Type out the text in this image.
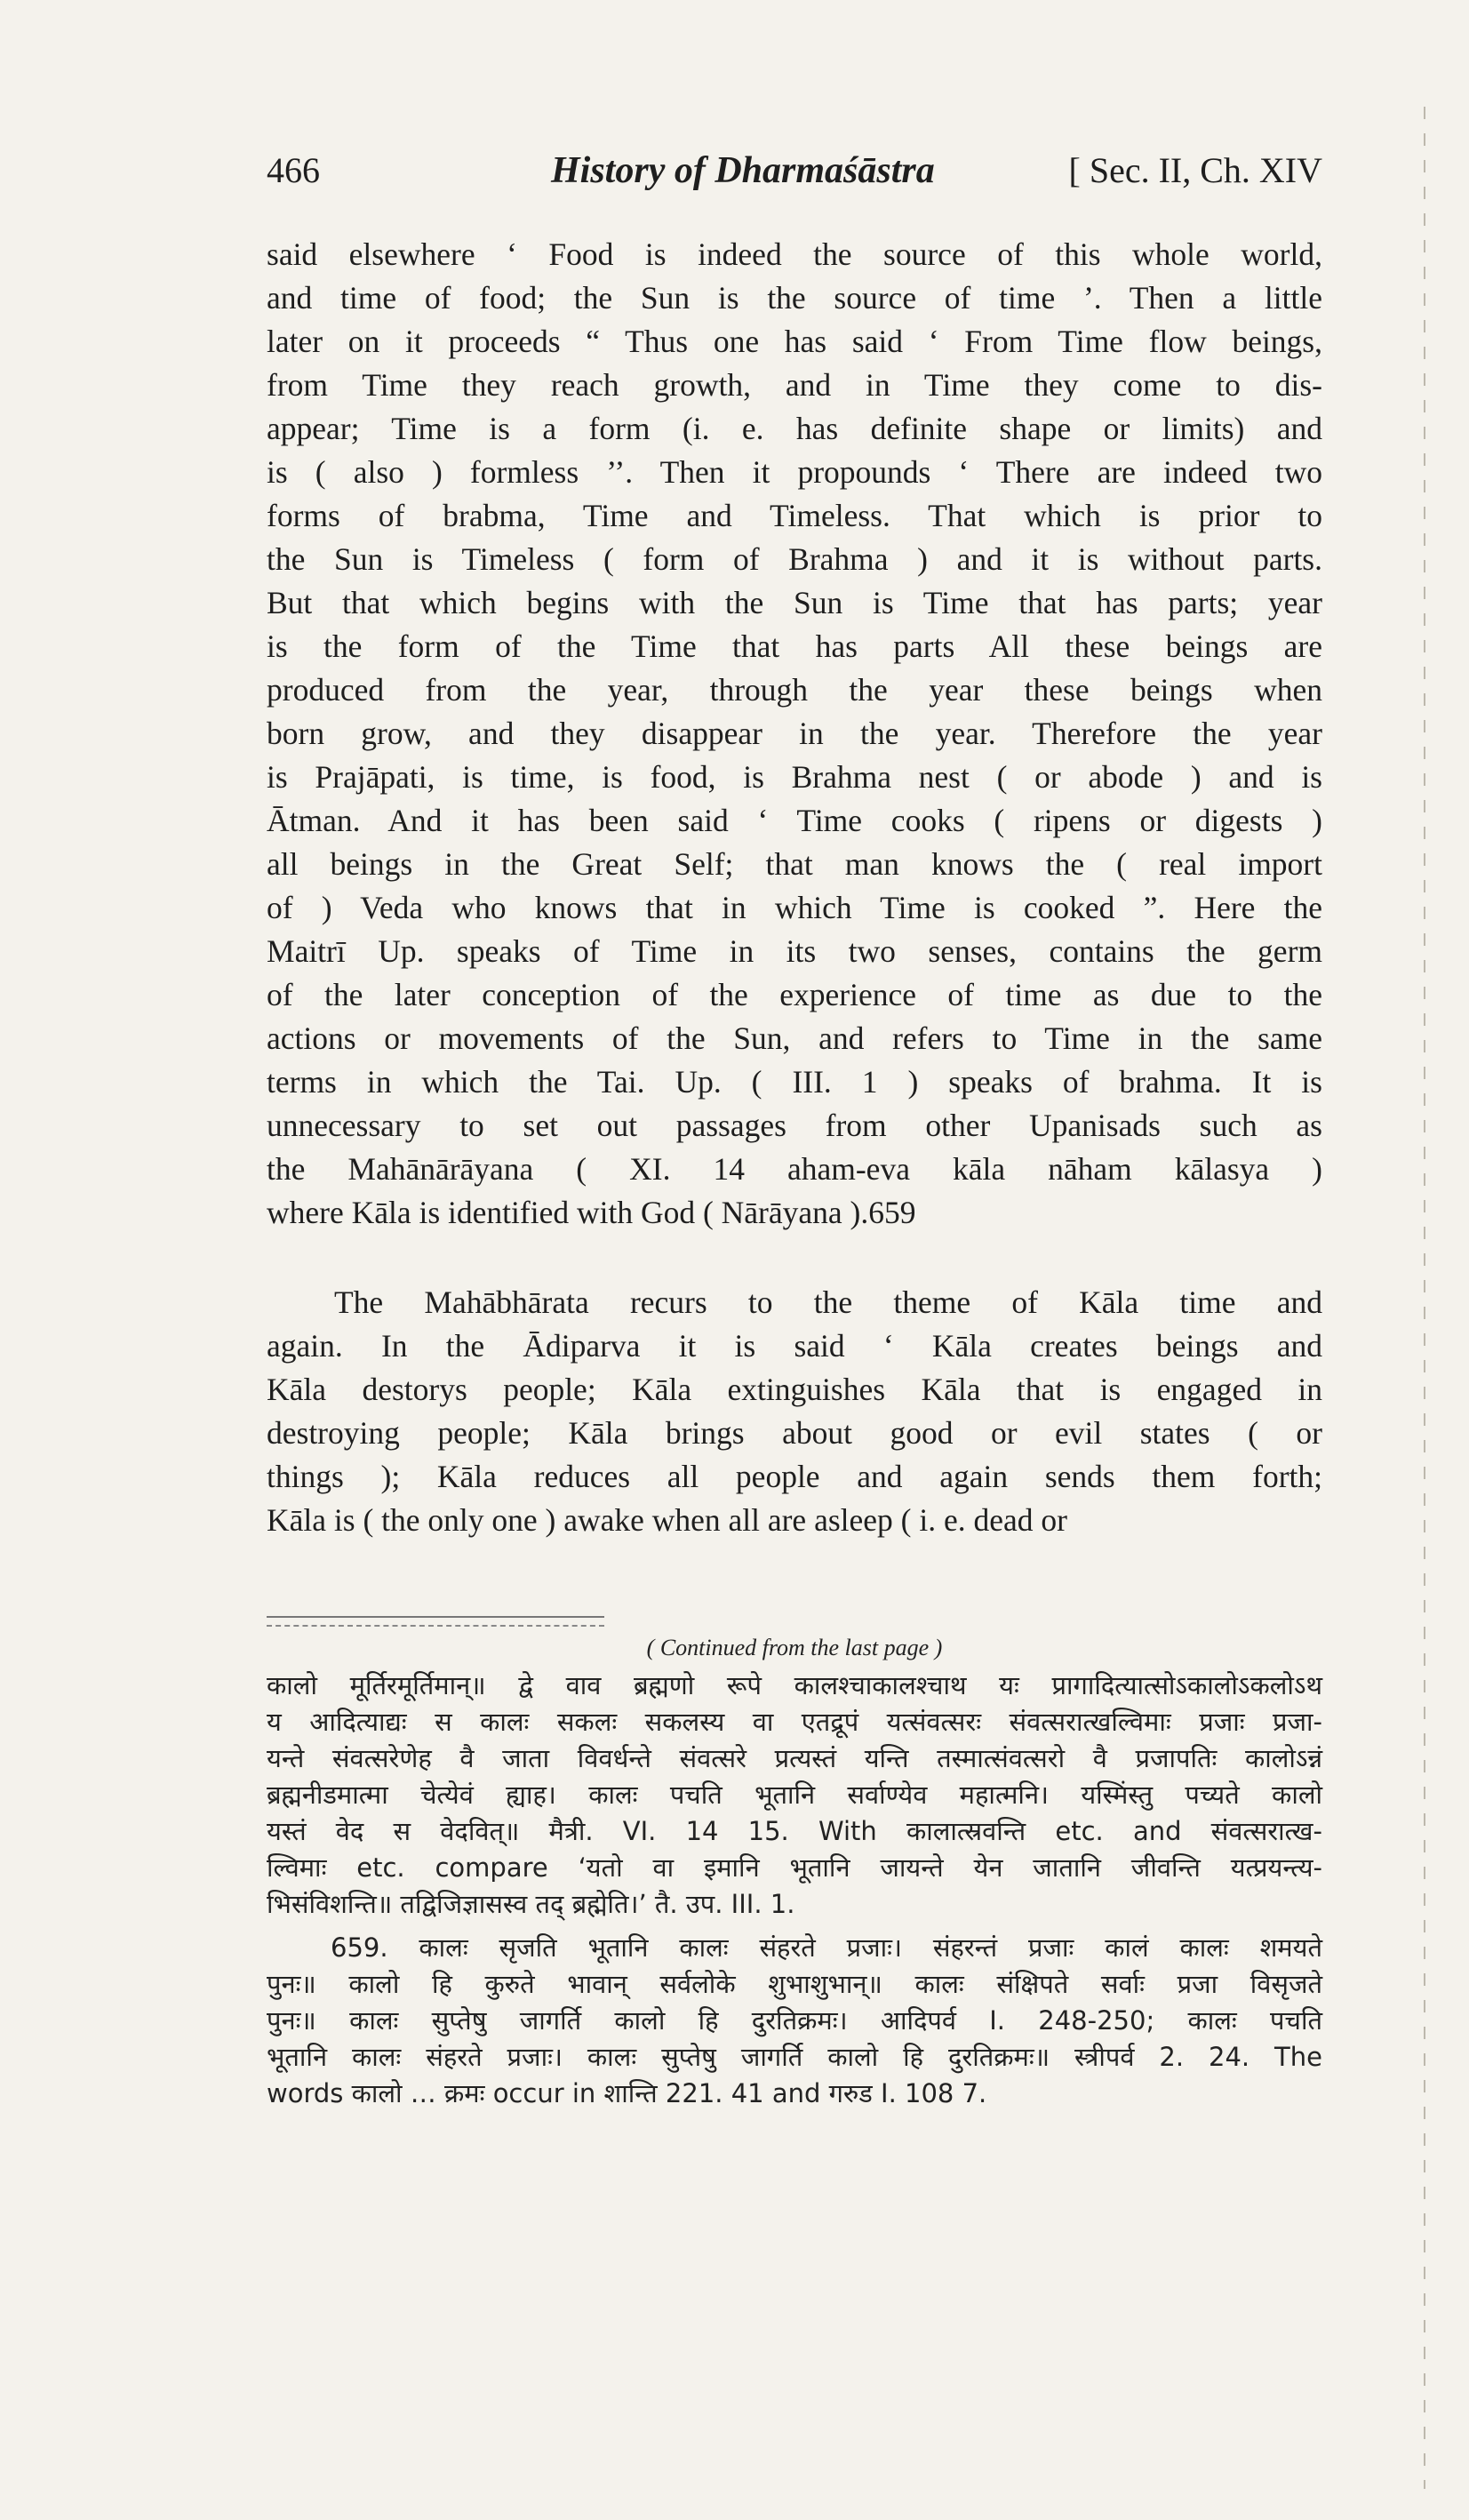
466	History of Dharmaśāstra	[ Sec. II, Ch. XIV
said elsewhere ‘ Food is indeed the source of this whole world,
and time of food; the Sun is the source of time ’. Then a little
later on it proceeds “ Thus one has said ‘ From Time flow beings,
from Time they reach growth, and in Time they come to dis-
appear; Time is a form (i. e. has definite shape or limits) and
is ( also ) formless ’’. Then it propounds ‘ There are indeed two
forms of brabma, Time and Timeless. That which is prior to
the Sun is Timeless ( form of Brahma ) and it is without parts.
But that which begins with the Sun is Time that has parts; year
is the form of the Time that has parts All these beings are
produced from the year, through the year these beings when
born grow, and they disappear in the year. Therefore the year
is Prajāpati, is time, is food, is Brahma nest ( or abode ) and is
Ātman. And it has been said ‘ Time cooks ( ripens or digests )
all beings in the Great Self; that man knows the ( real import
of ) Veda who knows that in which Time is cooked ”. Here the
Maitrī Up. speaks of Time in its two senses, contains the germ
of the later conception of the experience of time as due to the
actions or movements of the Sun, and refers to Time in the same
terms in which the Tai. Up. ( III. 1 ) speaks of brahma. It is
unnecessary to set out passages from other Upanisads such as
the Mahānārāyana ( XI. 14 aham-eva kāla nāham kālasya )
where Kāla is identified with God ( Nārāyana ).659
The Mahābhārata recurs to the theme of Kāla time and
again. In the Ādiparva it is said ‘ Kāla creates beings and
Kāla destorys people; Kāla extinguishes Kāla that is engaged in
destroying people; Kāla brings about good or evil states ( or
things ); Kāla reduces all people and again sends them forth;
Kāla is ( the only one ) awake when all are asleep ( i. e. dead or
( Continued from the last page )
कालो मूर्तिरमूर्तिमान्॥ द्वे वाव ब्रह्मणो रूपे कालश्चाकालश्चाथ यः प्रागादित्यात्सोऽकालोऽकलोऽथ
य आदित्याद्यः स कालः सकलः सकलस्य वा एतद्रूपं यत्संवत्सरः संवत्सरात्खल्विमाः प्रजाः प्रजा-
यन्ते संवत्सरेणेह वै जाता विवर्धन्ते संवत्सरे प्रत्यस्तं यन्ति तस्मात्संवत्सरो वै प्रजापतिः कालोऽन्नं
ब्रह्मनीडमात्मा चेत्येवं ह्याह। कालः पचति भूतानि सर्वाण्येव महात्मनि। यस्मिंस्तु पच्यते कालो
यस्तं वेद स वेदवित्॥ मैत्री. VI. 14 15. With कालात्स्रवन्ति etc. and संवत्सरात्ख-
ल्विमाः etc. compare ‘यतो वा इमानि भूतानि जायन्ते येन जातानि जीवन्ति यत्प्रयन्त्य-
भिसंविशन्ति॥ तद्विजिज्ञासस्व तद् ब्रह्मेति।’ तै. उप. III. 1.
659. कालः सृजति भूतानि कालः संहरते प्रजाः। संहरन्तं प्रजाः कालं कालः शमयते
पुनः॥ कालो हि कुरुते भावान् सर्वलोके शुभाशुभान्॥ कालः संक्षिपते सर्वाः प्रजा विसृजते
पुनः॥ कालः सुप्तेषु जागर्ति कालो हि दुरतिक्रमः। आदिपर्व I. 248-250; कालः पचति
भूतानि कालः संहरते प्रजाः। कालः सुप्तेषु जागर्ति कालो हि दुरतिक्रमः॥ स्त्रीपर्व 2. 24. The
words कालो … क्रमः occur in शान्ति 221. 41 and गरुड I. 108 7.
